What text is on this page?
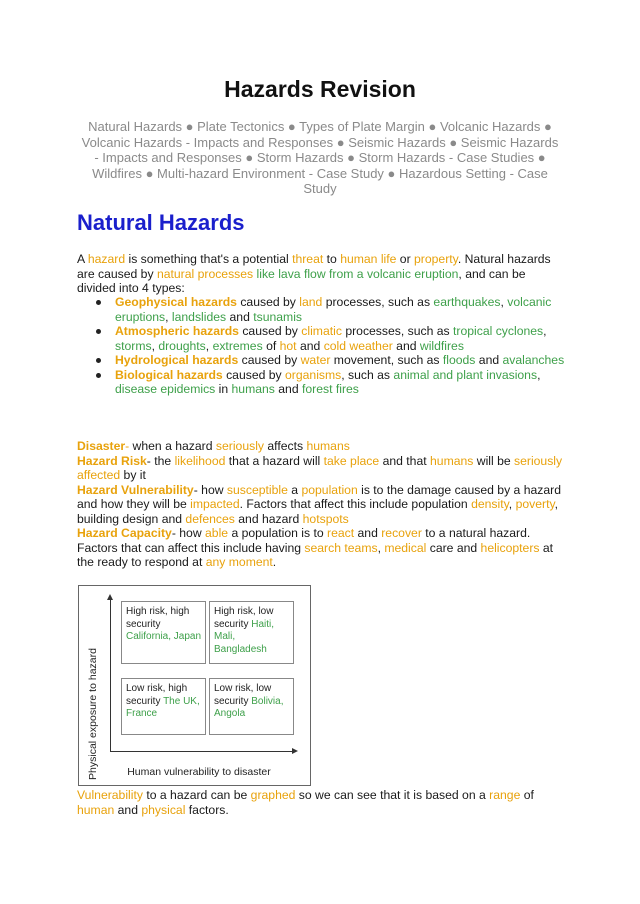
Hazards Revision
Natural Hazards ● Plate Tectonics ● Types of Plate Margin ● Volcanic Hazards ● Volcanic Hazards - Impacts and Responses ● Seismic Hazards ● Seismic Hazards - Impacts and Responses ● Storm Hazards ● Storm Hazards - Case Studies ● Wildfires ● Multi-hazard Environment - Case Study ● Hazardous Setting - Case Study
Natural Hazards
A hazard is something that's a potential threat to human life or property. Natural hazards are caused by natural processes like lava flow from a volcanic eruption, and can be divided into 4 types:
Geophysical hazards caused by land processes, such as earthquakes, volcanic eruptions, landslides and tsunamis
Atmospheric hazards caused by climatic processes, such as tropical cyclones, storms, droughts, extremes of hot and cold weather and wildfires
Hydrological hazards caused by water movement, such as floods and avalanches
Biological hazards caused by organisms, such as animal and plant invasions, disease epidemics in humans and forest fires
Disaster- when a hazard seriously affects humans
Hazard Risk- the likelihood that a hazard will take place and that humans will be seriously affected by it
Hazard Vulnerability- how susceptible a population is to the damage caused by a hazard and how they will be impacted. Factors that affect this include population density, poverty, building design and defences and hazard hotspots
Hazard Capacity- how able a population is to react and recover to a natural hazard. Factors that can affect this include having search teams, medical care and helicopters at the ready to respond at any moment.
Physical exposure to hazard	Human vulnerability to disaster
High risk, high security
California, Japan
High risk, low security Haiti, Mali, Bangladesh
Low risk, high security The UK, France
Low risk, low security Bolivia, Angola
Vulnerability to a hazard can be graphed so we can see that it is based on a range of human and physical factors.
